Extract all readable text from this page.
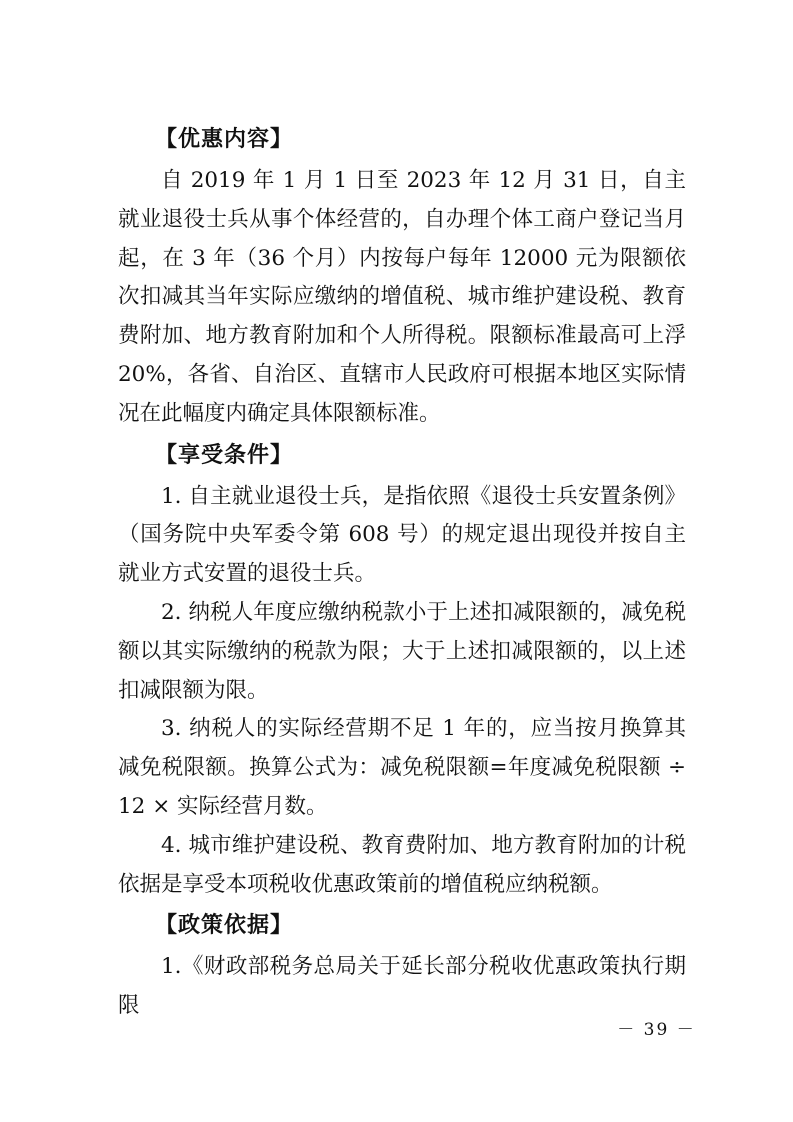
【优惠内容】

自 2019 年 1 月 1 日至 2023 年 12 月 31 日，自主就业退役士兵从事个体经营的，自办理个体工商户登记当月起，在 3 年（36 个月）内按每户每年 12000 元为限额依次扣减其当年实际应缴纳的增值税、城市维护建设税、教育费附加、地方教育附加和个人所得税。限额标准最高可上浮 20%，各省、自治区、直辖市人民政府可根据本地区实际情况在此幅度内确定具体限额标准。

【享受条件】

1. 自主就业退役士兵，是指依照《退役士兵安置条例》（国务院中央军委令第 608 号）的规定退出现役并按自主就业方式安置的退役士兵。

2. 纳税人年度应缴纳税款小于上述扣减限额的，减免税额以其实际缴纳的税款为限；大于上述扣减限额的，以上述扣减限额为限。

3. 纳税人的实际经营期不足 1 年的，应当按月换算其减免税限额。换算公式为：减免税限额=年度减免税限额 ÷ 12 × 实际经营月数。

4. 城市维护建设税、教育费附加、地方教育附加的计税依据是享受本项税收优惠政策前的增值税应纳税额。

【政策依据】

1.《财政部税务总局关于延长部分税收优惠政策执行期限

－ 39 －
